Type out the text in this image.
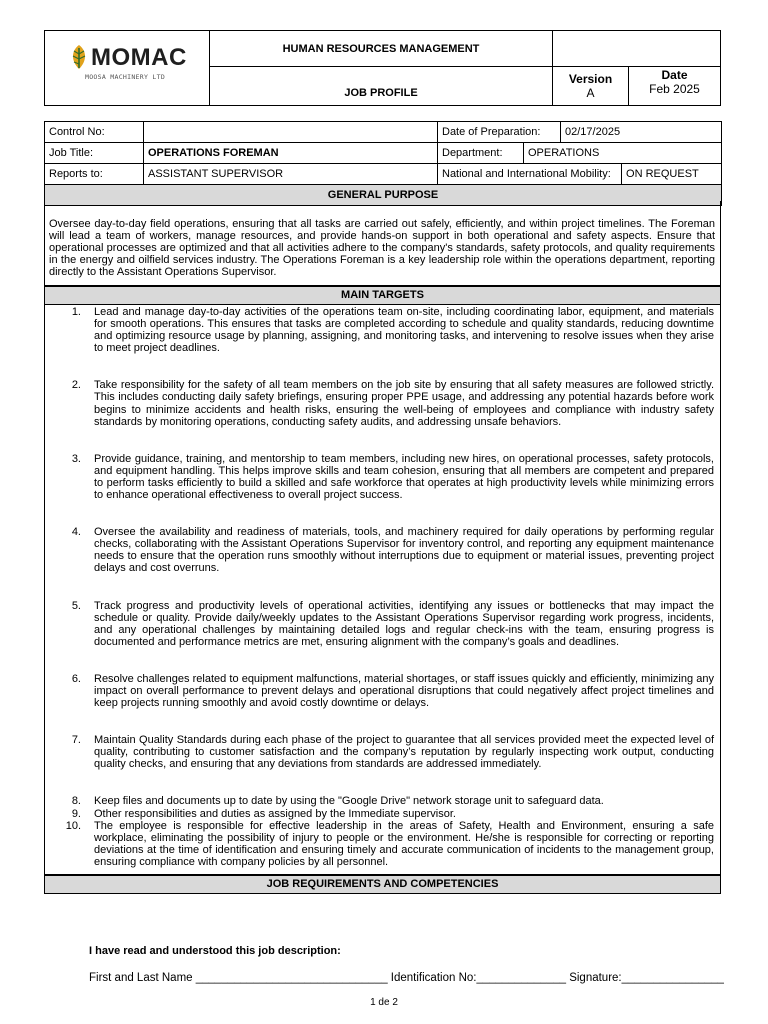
MOMAC
MOOSA MACHINERY LTD
HUMAN RESOURCES MANAGEMENT
JOB PROFILE
Version
A
Date
Feb 2025
Control No:		Date of Preparation:		02/17/2025	
Job Title:	OPERATIONS FOREMAN	Department:	OPERATIONS		
Reports to:	ASSISTANT SUPERVISOR	National and International Mobility:			ON REQUEST
GENERAL PURPOSE					
Oversee day-to-day field operations, ensuring that all tasks are carried out safely, efficiently, and within project timelines. The Foreman will lead a team of workers, manage resources, and provide hands-on support in both operational and safety aspects. Ensure that operational processes are optimized and that all activities adhere to the company's standards, safety protocols, and quality requirements in the energy and oilfield services industry. The Operations Foreman is a key leadership role within the operations department, reporting directly to the Assistant Operations Supervisor.
MAIN TARGETS
1. Lead and manage day-to-day activities of the operations team on-site, including coordinating labor, equipment, and materials for smooth operations. This ensures that tasks are completed according to schedule and quality standards, reducing downtime and optimizing resource usage by planning, assigning, and monitoring tasks, and intervening to resolve issues when they arise to meet project deadlines.
2. Take responsibility for the safety of all team members on the job site by ensuring that all safety measures are followed strictly. This includes conducting daily safety briefings, ensuring proper PPE usage, and addressing any potential hazards before work begins to minimize accidents and health risks, ensuring the well-being of employees and compliance with industry safety standards by monitoring operations, conducting safety audits, and addressing unsafe behaviors.
3. Provide guidance, training, and mentorship to team members, including new hires, on operational processes, safety protocols, and equipment handling. This helps improve skills and team cohesion, ensuring that all members are competent and prepared to perform tasks efficiently to build a skilled and safe workforce that operates at high productivity levels while minimizing errors to enhance operational effectiveness to overall project success.
4. Oversee the availability and readiness of materials, tools, and machinery required for daily operations by performing regular checks, collaborating with the Assistant Operations Supervisor for inventory control, and reporting any equipment maintenance needs to ensure that the operation runs smoothly without interruptions due to equipment or material issues, preventing project delays and cost overruns.
5. Track progress and productivity levels of operational activities, identifying any issues or bottlenecks that may impact the schedule or quality. Provide daily/weekly updates to the Assistant Operations Supervisor regarding work progress, incidents, and any operational challenges by maintaining detailed logs and regular check-ins with the team, ensuring progress is documented and performance metrics are met, ensuring alignment with the company’s goals and deadlines.
6. Resolve challenges related to equipment malfunctions, material shortages, or staff issues quickly and efficiently, minimizing any impact on overall performance to prevent delays and operational disruptions that could negatively affect project timelines and keep projects running smoothly and avoid costly downtime or delays.
7. Maintain Quality Standards during each phase of the project to guarantee that all services provided meet the expected level of quality, contributing to customer satisfaction and the company’s reputation by regularly inspecting work output, conducting quality checks, and ensuring that any deviations from standards are addressed immediately.
8. Keep files and documents up to date by using the "Google Drive" network storage unit to safeguard data.
9. Other responsibilities and duties as assigned by the Immediate supervisor.
10. The employee is responsible for effective leadership in the areas of Safety, Health and Environment, ensuring a safe workplace, eliminating the possibility of injury to people or the environment. He/she is responsible for correcting or reporting deviations at the time of identification and ensuring timely and accurate communication of incidents to the management group, ensuring compliance with company policies by all personnel.
JOB REQUIREMENTS AND COMPETENCIES
I have read and understood this job description:
First and Last Name ______________________________ Identification No:______________ Signature:________________
1 de 2
